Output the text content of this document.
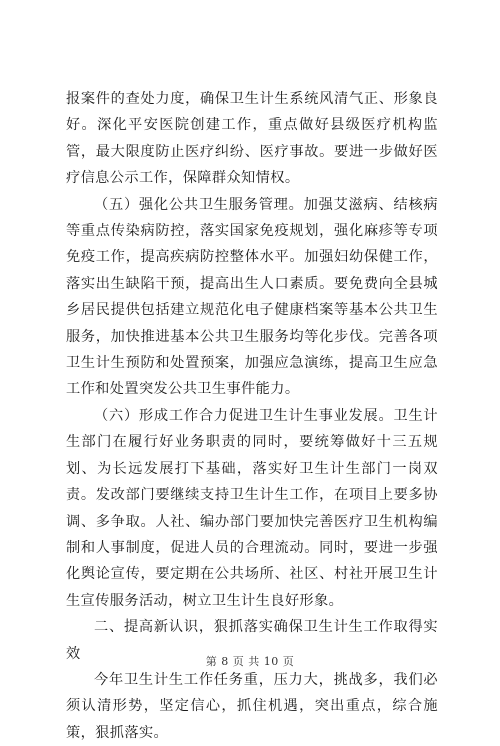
报案件的查处力度，确保卫生计生系统风清气正、形象良好。深化平安医院创建工作，重点做好县级医疗机构监管，最大限度防止医疗纠纷、医疗事故。要进一步做好医疗信息公示工作，保障群众知情权。

（五）强化公共卫生服务管理。加强艾滋病、结核病等重点传染病防控，落实国家免疫规划，强化麻疹等专项免疫工作，提高疾病防控整体水平。加强妇幼保健工作，落实出生缺陷干预，提高出生人口素质。要免费向全县城乡居民提供包括建立规范化电子健康档案等基本公共卫生服务，加快推进基本公共卫生服务均等化步伐。完善各项卫生计生预防和处置预案，加强应急演练，提高卫生应急工作和处置突发公共卫生事件能力。

（六）形成工作合力促进卫生计生事业发展。卫生计生部门在履行好业务职责的同时，要统筹做好十三五规划、为长远发展打下基础，落实好卫生计生部门一岗双责。发改部门要继续支持卫生计生工作，在项目上要多协调、多争取。人社、编办部门要加快完善医疗卫生机构编制和人事制度，促进人员的合理流动。同时，要进一步强化舆论宣传，要定期在公共场所、社区、村社开展卫生计生宣传服务活动，树立卫生计生良好形象。

二、提高新认识，狠抓落实确保卫生计生工作取得实效

今年卫生计生工作任务重，压力大，挑战多，我们必须认清形势，坚定信心，抓住机遇，突出重点，综合施策，狠抓落实。

第 8 页 共 10 页
